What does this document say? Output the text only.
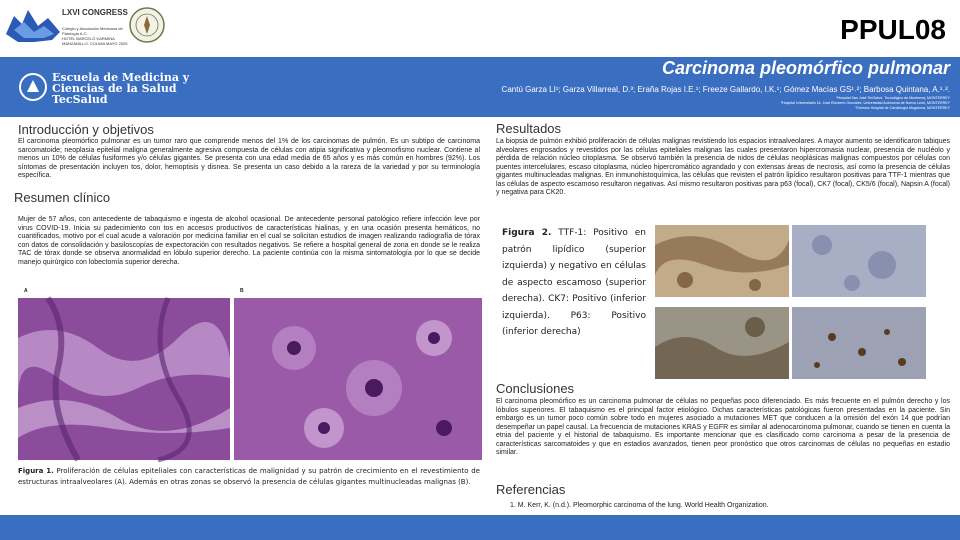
LXVI CONGRESS
Colegio y Asociación Mexicana de Patología A.C.
HOTEL BARCELÓ KARMINA MANZANILLO, COLIMA MAYO 2025	PPUL08
Escuela de Medicina y
Ciencias de la Salud
TecSalud
Carcinoma pleomórfico pulmonar
Cantú Garza LI¹; Garza Villarreal, D.³; Eraña Rojas I.E.¹; Freeze Gallardo, I.K.¹; Gómez Macías GS¹˒²; Barbosa Quintana, A.¹˒².
¹Hospital San José TecSalud, Tecnológico de Monterrey, MONTERREY
²Hospital Universitario Dr. José Eleuterio González, Universidad Autónoma de Nuevo León, MONTERREY
³Christus Hospital de Cardiología Muguerza, MONTERREY
Introducción y objetivos
El carcinoma pleomórfico pulmonar es un tumor raro que comprende menos del 1% de los carcinomas de pulmón. Es un subtipo de carcinoma sarcomatoide; neoplasia epitelial maligna generalmente agresiva compuesta de células con atipia significativa y pleomorfismo nuclear. Contiene al menos un 10% de células fusiformes y/o células gigantes. Se presenta con una edad media de 65 años y es más común en hombres (92%). Los síntomas de presentación incluyen tos, dolor, hemoptisis y disnea. Se presenta un caso debido a la rareza de la variedad y por su terminología específica.
Resumen clínico
Mujer de 57 años, con antecedente de tabaquismo e ingesta de alcohol ocasional. De antecedente personal patológico refiere infección leve por virus COVID-19. Inicia su padecimiento con tos en accesos productivos de características hialinas, y en una ocasión presenta hemáticos, no cuantificados, motivo por el cual acude a valoración por medicina familiar en el cual se solicitan estudios de imagen realizando radiografía de tórax con datos de consolidación y basiloscopías de expectoración con resultados negativos. Se refiere a hospital general de zona en donde se le realiza TAC de tórax donde se observa anormalidad en lóbulo superior derecho. La paciente continúa con la misma sintomatología por lo que se decide manejo quirúrgico con lobectomía superior derecha.
A	B
Figura 1. Proliferación de células epiteliales con características de malignidad y su patrón de crecimiento en el revestimiento de estructuras intraalveolares (A). Además en otras zonas se observó la presencia de células gigantes multinucleadas malignas (B).
Resultados
La biopsia de pulmón exhibió proliferación de células malignas revistiendo los espacios intraalveolares. A mayor aumento se identificaron tabiques alveolares engrosados y revestidos por las células epiteliales malignas las cuales presentaron hipercromasia nuclear, presencia de nucléolo y pérdida de relación núcleo citoplasma. Se observó también la presencia de nidos de células neoplásicas malignas compuestos por células con puentes intercelulares, escaso citoplasma, núcleo hipercromático agrandado y con extensas áreas de necrosis, así como la presencia de células gigantes multinucleadas malignas. En inmunohistoquímica, las células que revisten el patrón lipídico resultaron positivas para TTF-1 mientras que las células de aspecto escamoso resultaron negativas. Así mismo resultaron positivas para p63 (focal), CK7 (focal), CK5/6 (focal), Napsin A (focal) y negativa para CK20.
Figura 2. TTF-1: Positivo en patrón lipídico (superior izquierda) y negativo en células de aspecto escamoso (superior derecha). CK7: Positivo (inferior izquierda). P63: Positivo (inferior derecha)
Conclusiones
El carcinoma pleomórfico es un carcinoma pulmonar de células no pequeñas poco diferenciado. Es más frecuente en el pulmón derecho y los lóbulos superiores. El tabaquismo es el principal factor etiológico. Dichas características patológicas fueron presentadas en la paciente. Sin embargo es un tumor poco común sobre todo en mujeres asociado a mutaciones MET que conducen a la omisión del exón 14 que podrían desempeñar un papel causal. La frecuencia de mutaciones KRAS y EGFR es similar al adenocarcinoma pulmonar, cuando se tienen en cuenta la etnia del paciente y el historial de tabaquismo. Es importante mencionar que es clasificado como carcinoma a pesar de la presencia de características sarcomatoides y que en estadios avanzados, tienen peor pronóstico que otros carcinomas de células no pequeñas en estadio similar.
Referencias
1. M. Kerr, K. (n.d.). Pleomorphic carcinoma of the lung. World Health Organization.
